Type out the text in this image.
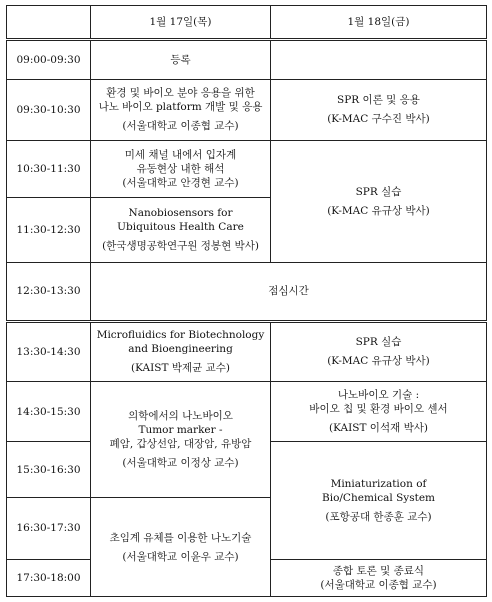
	1월 17일(목)	1월 18일(금)
09:00-09:30	등록	
09:30-10:30	환경 및 바이오 분야 응용을 위한
나노 바이오 platform 개발 및 응용
(서울대학교 이종협 교수)	SPR 이론 및 응용
(K-MAC 구수진 박사)

10:30-11:30	미세 채널 내에서 입자계
유동현상 내한 해석
(서울대학교 안경현 교수)	SPR 실습
(K-MAC 유규상 박사)

11:30-12:30	Nanobiosensors for
Ubiquitous Health Care
(한국생명공학연구원 정봉현 박사)	

12:30-13:30	점심시간	
13:30-14:30	Microfluidics for Biotechnology
and Bioengineering
(KAIST 박제균 교수)	SPR 실습
(K-MAC 유규상 박사)

14:30-15:30	의학에서의 나노바이오
Tumor marker -
폐암, 갑상선암, 대장암, 유방암
(서울대학교 이정상 교수)	나노바이오 기술 :
바이오 칩 및 환경 바이오 센서
(KAIST 이석재 박사)

15:30-16:30		Miniaturization of
Bio/Chemical System
(포항공대 한종훈 교수)

16:30-17:30	초임계 유체를 이용한 나노기술
(서울대학교 이윤우 교수)	

17:30-18:00		종합 토론 및 종료식
(서울대학교 이종협 교수)
